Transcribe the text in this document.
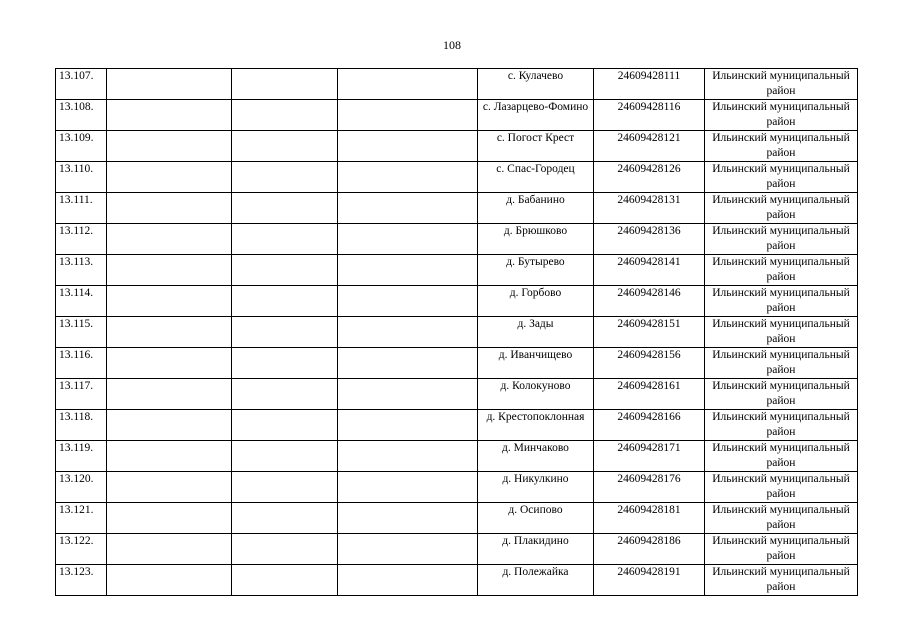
108
13.107.				с. Кулачево	24609428111	Ильинский муниципальный район
13.108.				с. Лазарцево-Фомино	24609428116	Ильинский муниципальный район
13.109.				с. Погост Крест	24609428121	Ильинский муниципальный район
13.110.				с. Спас-Городец	24609428126	Ильинский муниципальный район
13.111.				д. Бабанино	24609428131	Ильинский муниципальный район
13.112.				д. Брюшково	24609428136	Ильинский муниципальный район
13.113.				д. Бутырево	24609428141	Ильинский муниципальный район
13.114.				д. Горбово	24609428146	Ильинский муниципальный район
13.115.				д. Зады	24609428151	Ильинский муниципальный район
13.116.				д. Иванчищево	24609428156	Ильинский муниципальный район
13.117.				д. Колокуново	24609428161	Ильинский муниципальный район
13.118.				д. Крестопоклонная	24609428166	Ильинский муниципальный район
13.119.				д. Минчаково	24609428171	Ильинский муниципальный район
13.120.				д. Никулкино	24609428176	Ильинский муниципальный район
13.121.				д. Осипово	24609428181	Ильинский муниципальный район
13.122.				д. Плакидино	24609428186	Ильинский муниципальный район
13.123.				д. Полежайка	24609428191	Ильинский муниципальный район
